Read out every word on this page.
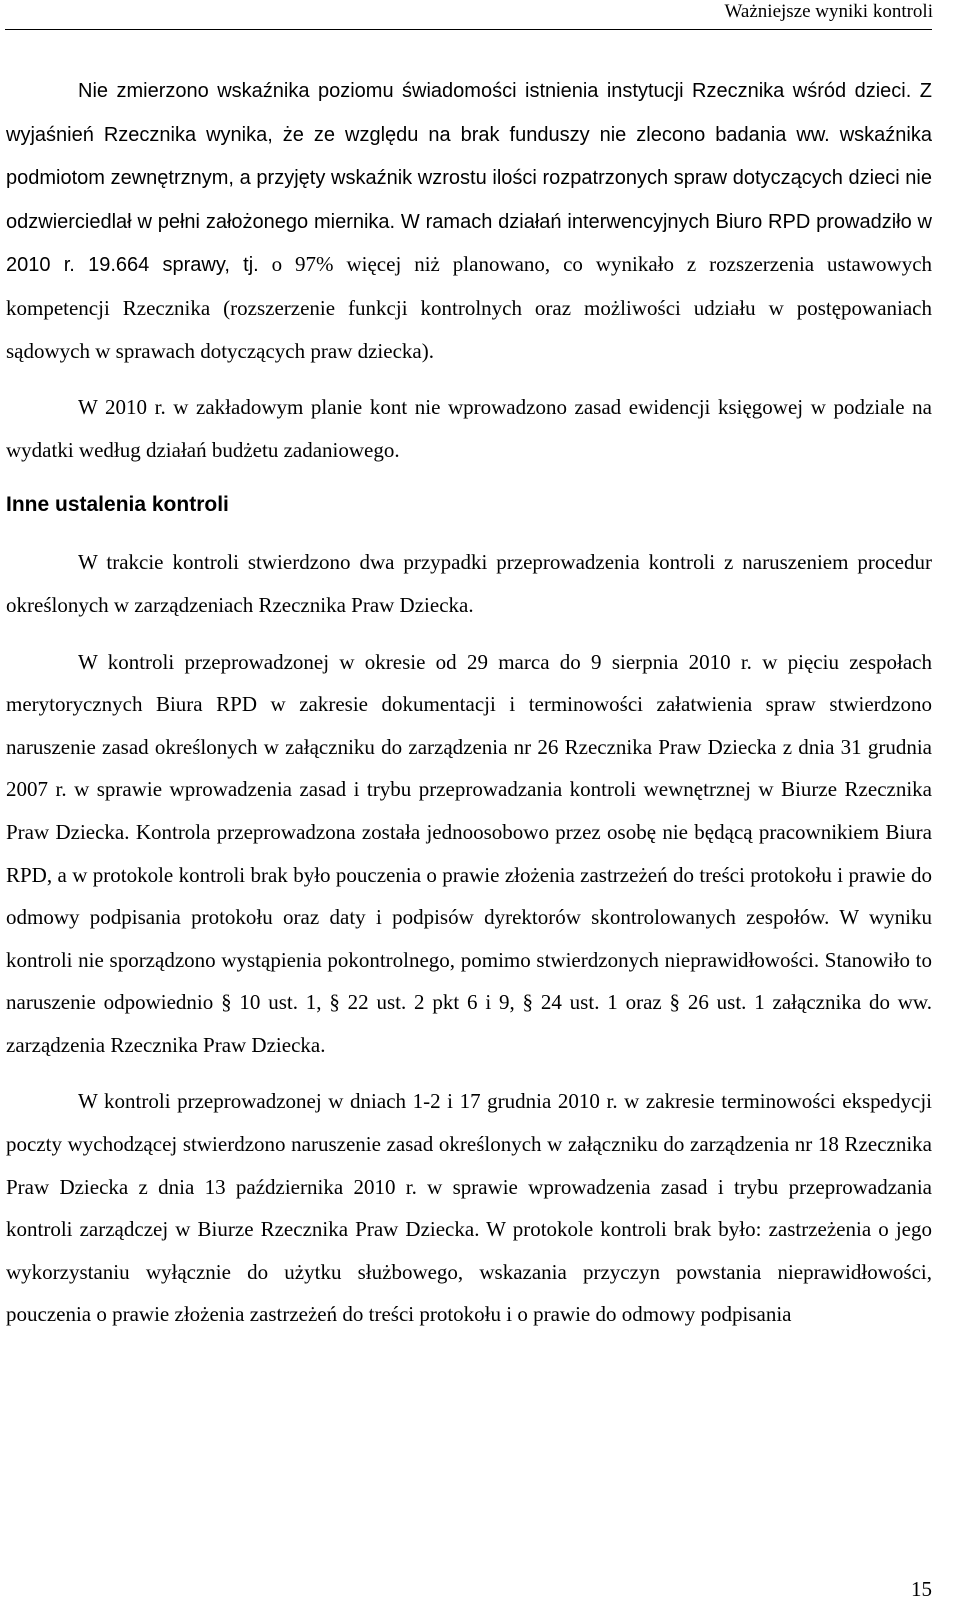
Ważniejsze wyniki kontroli

Nie zmierzono wskaźnika poziomu świadomości istnienia instytucji Rzecznika wśród dzieci. Z wyjaśnień Rzecznika wynika, że ze względu na brak funduszy nie zlecono badania ww. wskaźnika podmiotom zewnętrznym, a przyjęty wskaźnik wzrostu ilości rozpatrzonych spraw dotyczących dzieci nie odzwierciedlał w pełni założonego miernika. W ramach działań interwencyjnych Biuro RPD prowadziło w 2010 r. 19.664 sprawy, tj. o 97% więcej niż planowano, co wynikało z rozszerzenia ustawowych kompetencji Rzecznika (rozszerzenie funkcji kontrolnych oraz możliwości udziału w postępowaniach sądowych w sprawach dotyczących praw dziecka).

W 2010 r. w zakładowym planie kont nie wprowadzono zasad ewidencji księgowej w podziale na wydatki według działań budżetu zadaniowego.

Inne ustalenia kontroli

W trakcie kontroli stwierdzono dwa przypadki przeprowadzenia kontroli z naruszeniem procedur określonych w zarządzeniach Rzecznika Praw Dziecka.

W kontroli przeprowadzonej w okresie od 29 marca do 9 sierpnia 2010 r. w pięciu zespołach merytorycznych Biura RPD w zakresie dokumentacji i terminowości załatwienia spraw stwierdzono naruszenie zasad określonych w załączniku do zarządzenia nr 26 Rzecznika Praw Dziecka z dnia 31 grudnia 2007 r. w sprawie wprowadzenia zasad i trybu przeprowadzania kontroli wewnętrznej w Biurze Rzecznika Praw Dziecka. Kontrola przeprowadzona została jednoosobowo przez osobę nie będącą pracownikiem Biura RPD, a w protokole kontroli brak było pouczenia o prawie złożenia zastrzeżeń do treści protokołu i prawie do odmowy podpisania protokołu oraz daty i podpisów dyrektorów skontrolowanych zespołów. W wyniku kontroli nie sporządzono wystąpienia pokontrolnego, pomimo stwierdzonych nieprawidłowości. Stanowiło to naruszenie odpowiednio § 10 ust. 1, § 22 ust. 2 pkt 6 i 9, § 24 ust. 1 oraz § 26 ust. 1 załącznika do ww. zarządzenia Rzecznika Praw Dziecka.

W kontroli przeprowadzonej w dniach 1-2 i 17 grudnia 2010 r. w zakresie terminowości ekspedycji poczty wychodzącej stwierdzono naruszenie zasad określonych w załączniku do zarządzenia nr 18 Rzecznika Praw Dziecka z dnia 13 października 2010 r. w sprawie wprowadzenia zasad i trybu przeprowadzania kontroli zarządczej w Biurze Rzecznika Praw Dziecka. W protokole kontroli brak było: zastrzeżenia o jego wykorzystaniu wyłącznie do użytku służbowego, wskazania przyczyn powstania nieprawidłowości, pouczenia o prawie złożenia zastrzeżeń do treści protokołu i o prawie do odmowy podpisania

15
